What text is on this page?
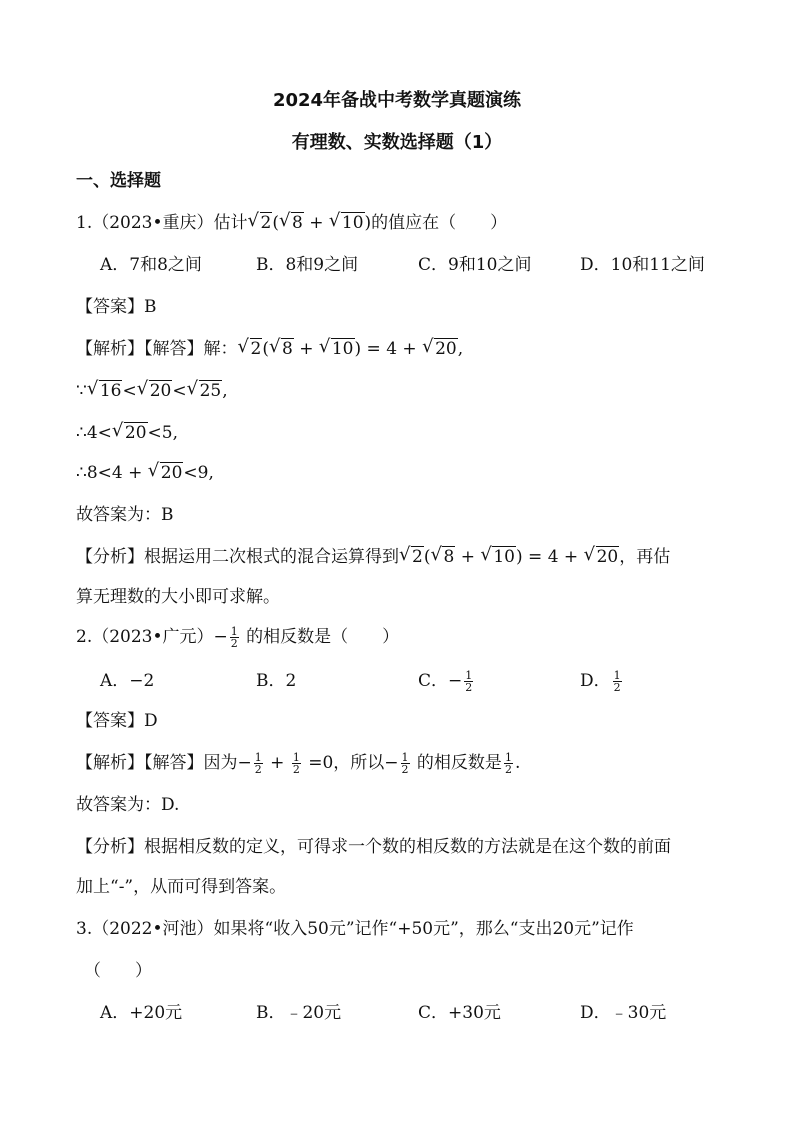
2024年备战中考数学真题演练
有理数、实数选择题（1）
一、选择题
1.（2023•重庆）估计 √ 2( √ 8 + √ 10)的值应在（　　）
A．7和8之间	B．8和9之间	C．9和10之间	D．10和11之间
【答案】B
【解析】【解答】解： √ 2( √ 8 + √ 10) = 4 + √ 20,
∵ √ 16< √ 20< √ 25,
∴4< √ 20<5,
∴8<4 + √ 20<9,
故答案为：B
【分析】根据运用二次根式的混合运算得到 √ 2( √ 8 + √ 10) = 4 + √ 20，再估
算无理数的大小即可求解。
2.（2023•广元）− $\frac{1}{2}$ 的相反数是（　　）
A．−2	B．2	C．− $\frac{1}{2}$	D． $\frac{1}{2}$
【答案】D
【解析】【解答】因为− $\frac{1}{2} + \frac{1}{2} =0$，所以− $\frac{1}{2}$ 的相反数是 $\frac{1}{2}$ .
故答案为：D.
【分析】根据相反数的定义，可得求一个数的相反数的方法就是在这个数的前面
加上“-”，从而可得到答案。
3.（2022•河池）如果将“收入50元”记作“+50元”，那么“支出20元”记作
（　　）
A．+20元	B．﹣20元	C．+30元	D．﹣30元
